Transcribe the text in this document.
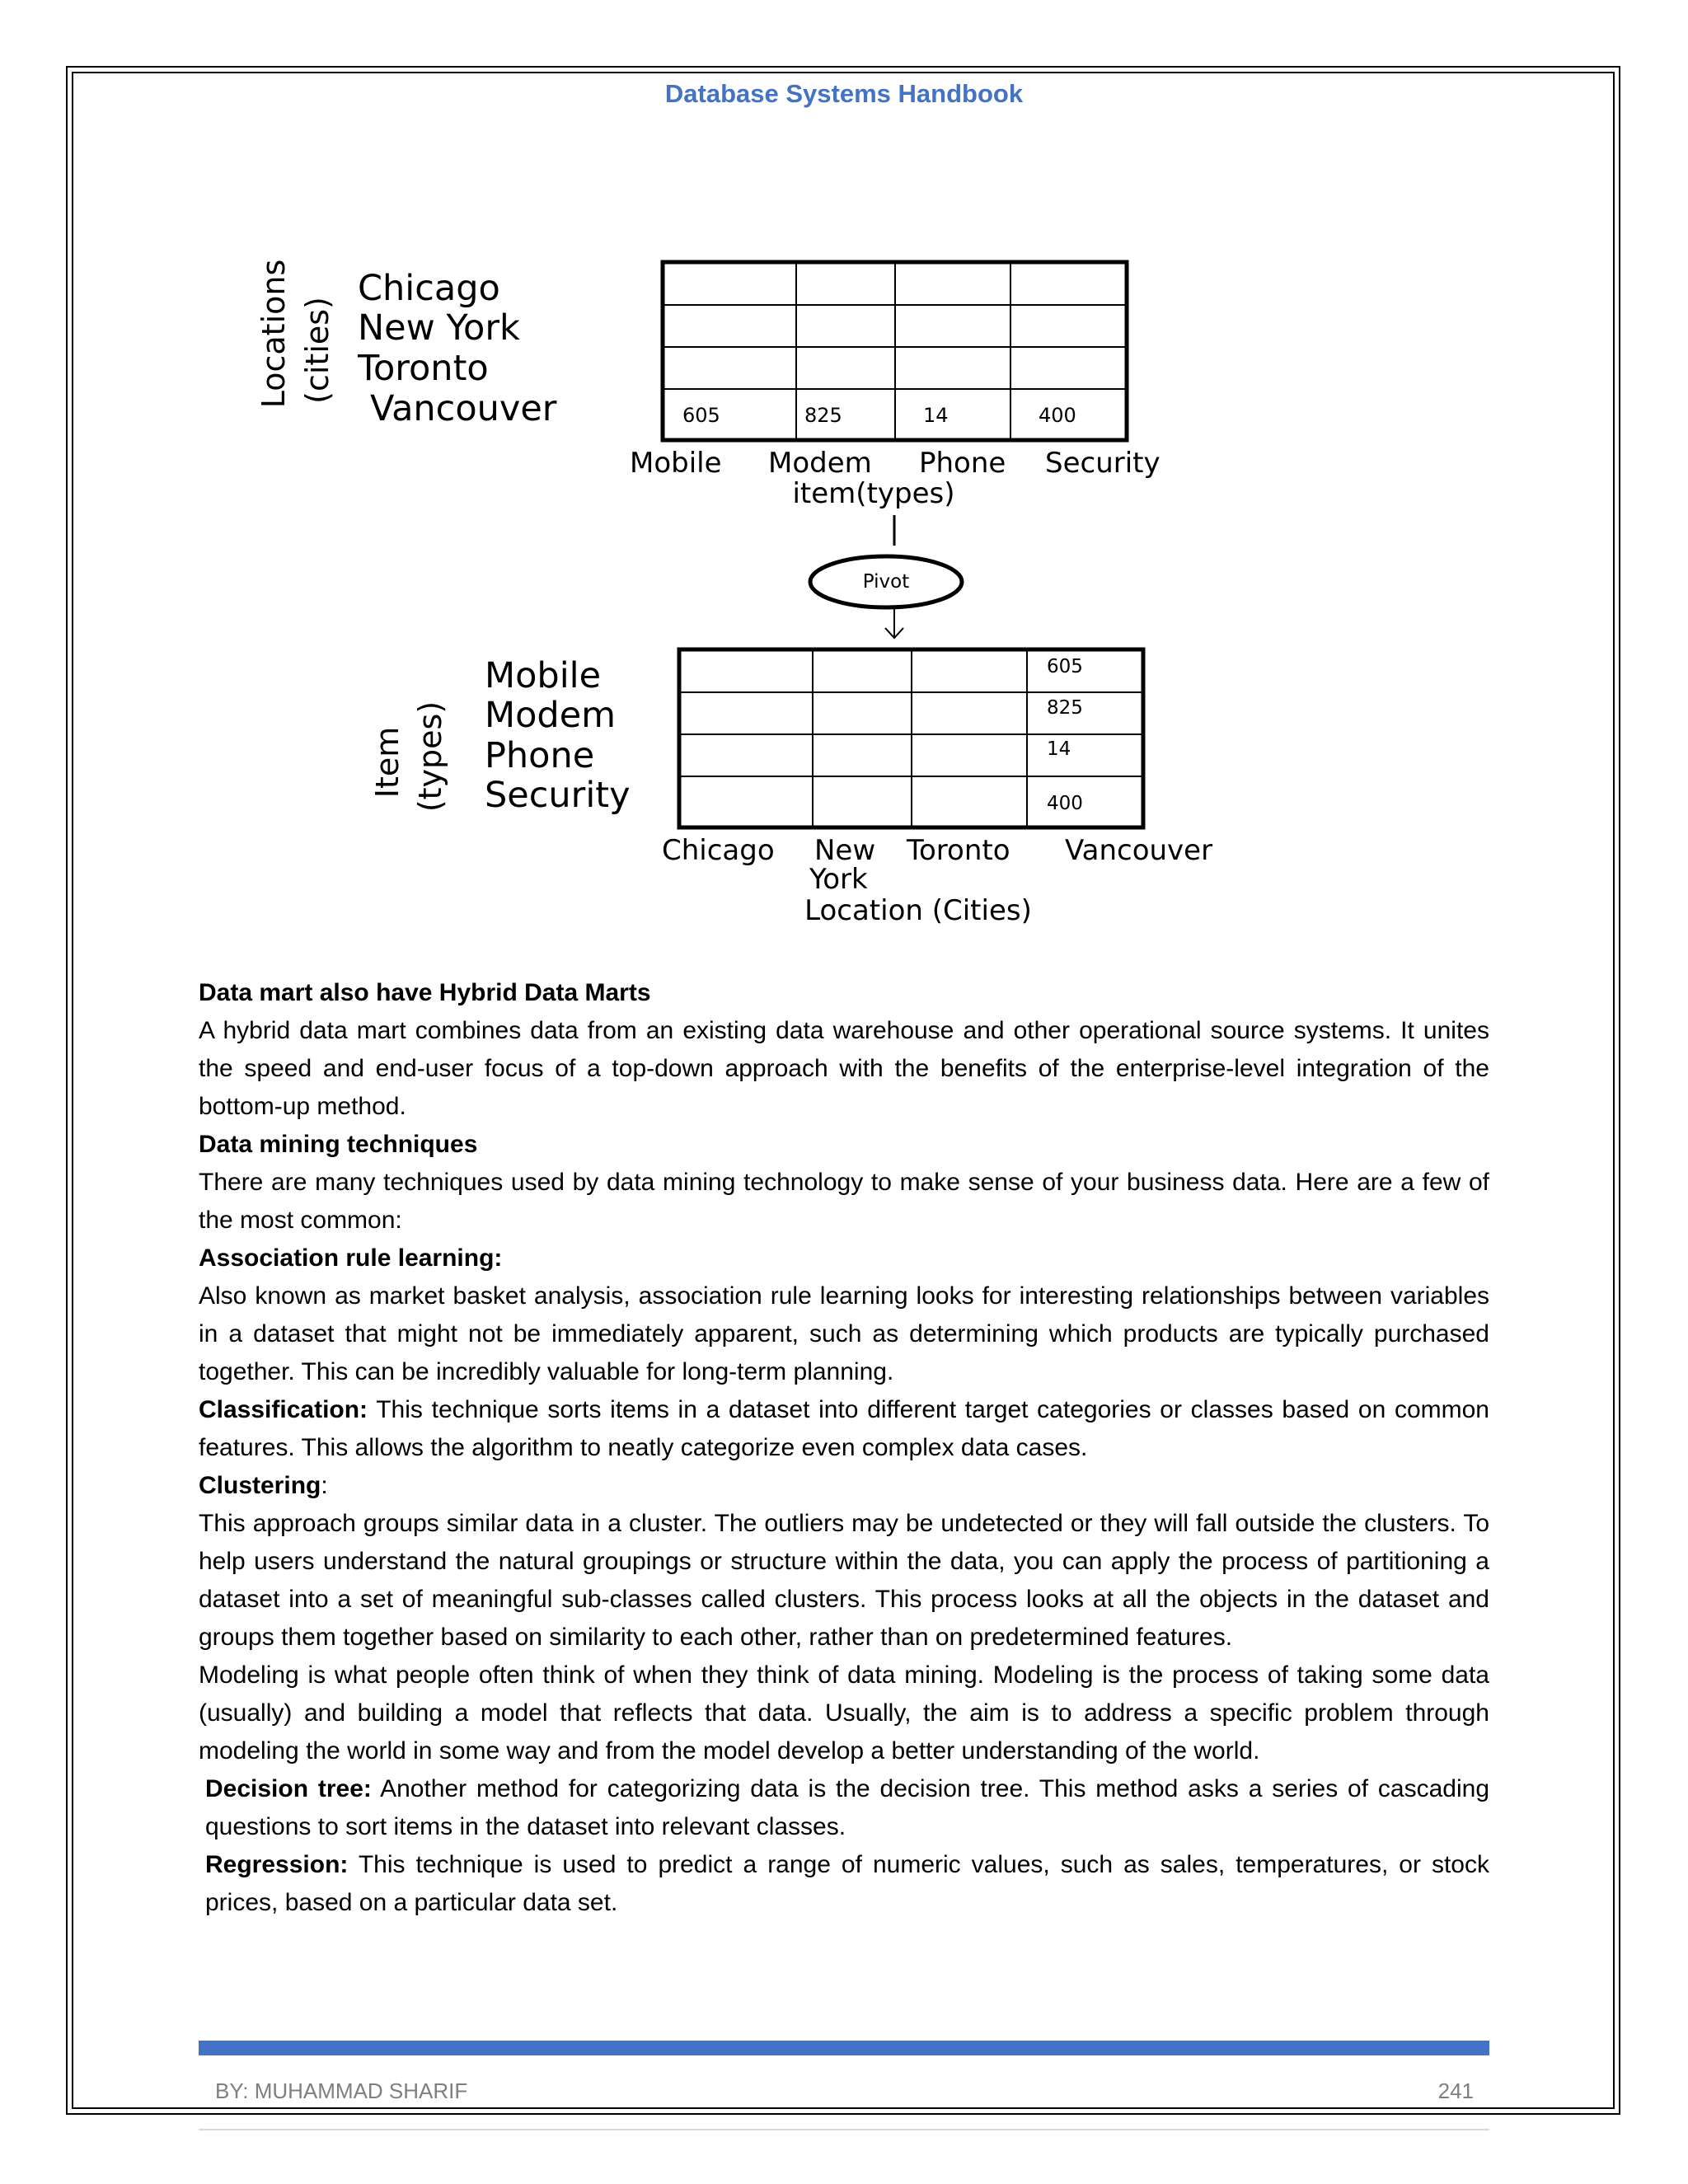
Database Systems Handbook
Locations (cities)
Chicago
New York
Toronto
Vancouver	605	825	14	400
Mobile Modem Phone Security
item(types)
Pivot
Item (types)
Mobile
Modem
Phone
Security
605
825
14
400
Chicago New Toronto Vancouver
York
Location (Cities)

Data mart also have Hybrid Data Marts

A hybrid data mart combines data from an existing data warehouse and other operational source systems. It unites the speed and end-user focus of a top-down approach with the benefits of the enterprise-level integration of the bottom-up method.

Data mining techniques

There are many techniques used by data mining technology to make sense of your business data. Here are a few of the most common:

Association rule learning:

Also known as market basket analysis, association rule learning looks for interesting relationships between variables in a dataset that might not be immediately apparent, such as determining which products are typically purchased together. This can be incredibly valuable for long-term planning.

Classification: This technique sorts items in a dataset into different target categories or classes based on common features. This allows the algorithm to neatly categorize even complex data cases.

Clustering:

This approach groups similar data in a cluster. The outliers may be undetected or they will fall outside the clusters. To help users understand the natural groupings or structure within the data, you can apply the process of partitioning a dataset into a set of meaningful sub-classes called clusters. This process looks at all the objects in the dataset and groups them together based on similarity to each other, rather than on predetermined features.

Modeling is what people often think of when they think of data mining. Modeling is the process of taking some data (usually) and building a model that reflects that data. Usually, the aim is to address a specific problem through modeling the world in some way and from the model develop a better understanding of the world.

Decision tree: Another method for categorizing data is the decision tree. This method asks a series of cascading questions to sort items in the dataset into relevant classes.

Regression: This technique is used to predict a range of numeric values, such as sales, temperatures, or stock prices, based on a particular data set.

BY: MUHAMMAD SHARIF	241
